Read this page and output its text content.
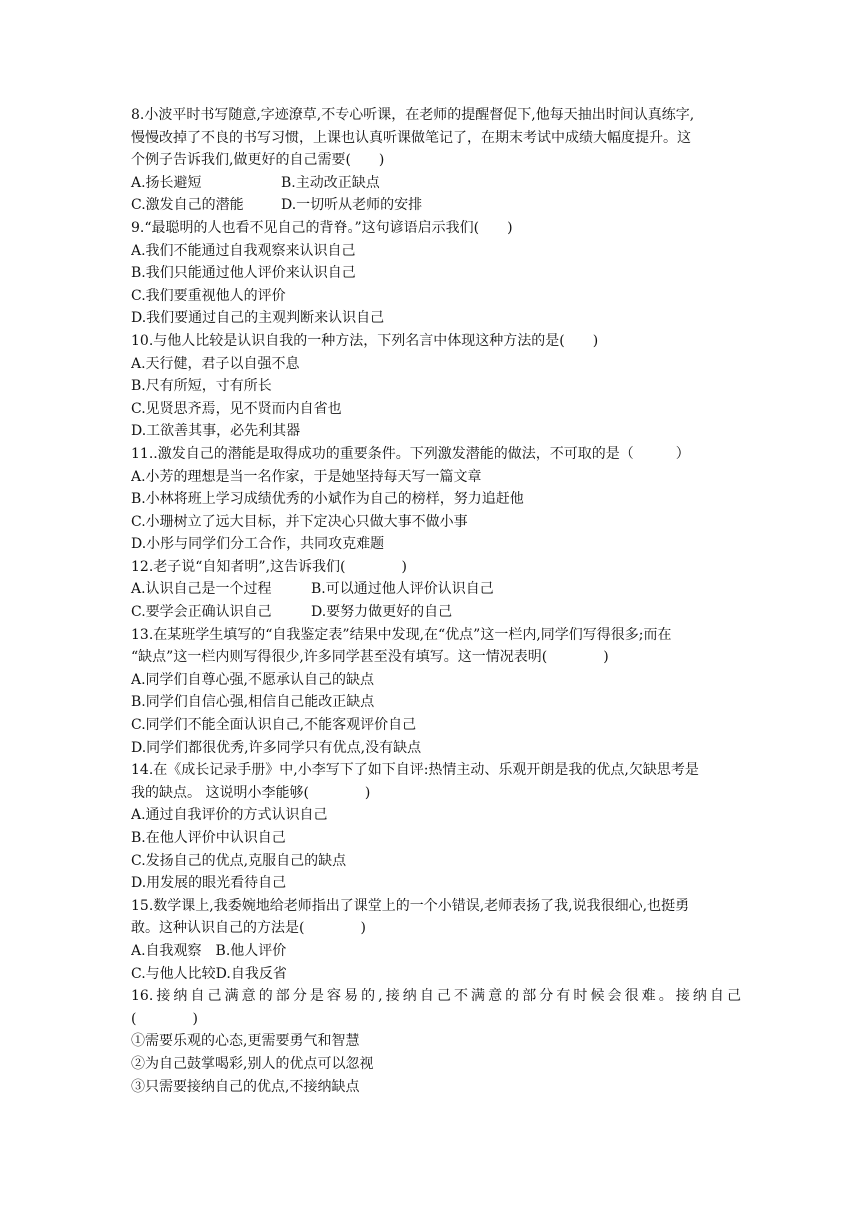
8.小波平时书写随意,字迹潦草,不专心听课，在老师的提醒督促下,他每天抽出时间认真练字,
慢慢改掉了不良的书写习惯，上课也认真听课做笔记了，在期末考试中成绩大幅度提升。这
个例子告诉我们,做更好的自己需要(　　)
A.扬长避短	B.主动改正缺点
C.激发自己的潜能	D.一切听从老师的安排
9.“最聪明的人也看不见自己的背脊。”这句谚语启示我们(　　)
A.我们不能通过自我观察来认识自己
B.我们只能通过他人评价来认识自己
C.我们要重视他人的评价
D.我们要通过自己的主观判断来认识自己
10.与他人比较是认识自我的一种方法，下列名言中体现这种方法的是(　　)
A.天行健，君子以自强不息
B.尺有所短，寸有所长
C.见贤思齐焉，见不贤而内自省也
D.工欲善其事，必先利其器
11..激发自己的潜能是取得成功的重要条件。下列激发潜能的做法，不可取的是（　　　）
A.小芳的理想是当一名作家，于是她坚持每天写一篇文章
B.小林将班上学习成绩优秀的小斌作为自己的榜样，努力追赶他
C.小珊树立了远大目标，并下定决心只做大事不做小事
D.小彤与同学们分工合作，共同攻克难题
12.老子说“自知者明”,这告诉我们(　　　　)
A.认识自己是一个过程	B.可以通过他人评价认识自己
C.要学会正确认识自己	D.要努力做更好的自己
13.在某班学生填写的“自我鉴定表”结果中发现,在“优点”这一栏内,同学们写得很多;而在
“缺点”这一栏内则写得很少,许多同学甚至没有填写。这一情况表明(　　　　)
A.同学们自尊心强,不愿承认自己的缺点
B.同学们自信心强,相信自己能改正缺点
C.同学们不能全面认识自己,不能客观评价自己
D.同学们都很优秀,许多同学只有优点,没有缺点
14.在《成长记录手册》中,小李写下了如下自评:热情主动、乐观开朗是我的优点,欠缺思考是
我的缺点。 这说明小李能够(　　　　)
A.通过自我评价的方式认识自己
B.在他人评价中认识自己
C.发扬自己的优点,克服自己的缺点
D.用发展的眼光看待自己
15.数学课上,我委婉地给老师指出了课堂上的一个小错误,老师表扬了我,说我很细心,也挺勇
敢。这种认识自己的方法是(　　　　)
A.自我观察　B.他人评价
C.与他人比较D.自我反省
16.接纳自己满意的部分是容易的,接纳自己不满意的部分有时候会很难。接纳自己
(　　　　)
①需要乐观的心态,更需要勇气和智慧
②为自己鼓掌喝彩,别人的优点可以忽视
③只需要接纳自己的优点,不接纳缺点
